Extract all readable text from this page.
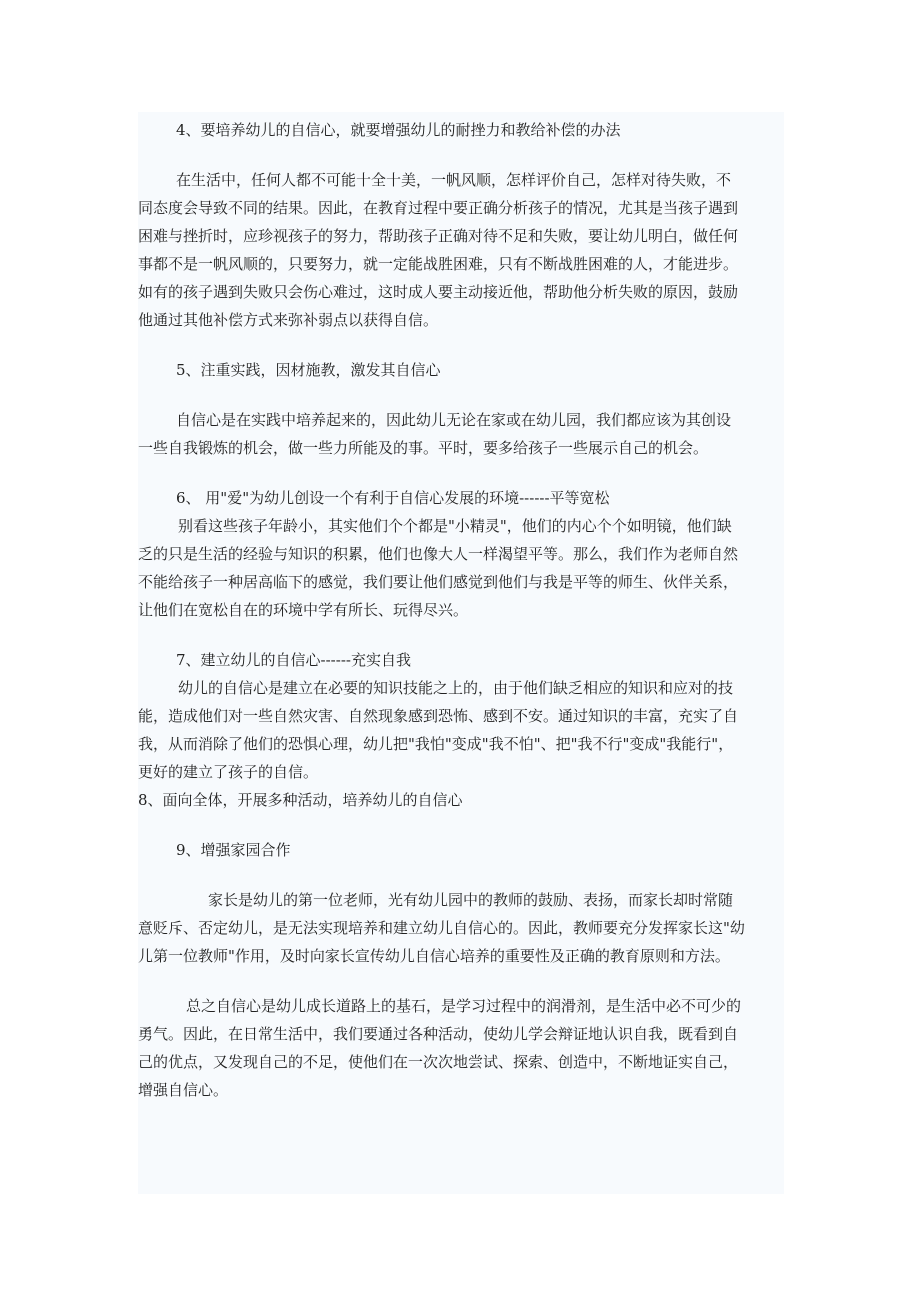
4、要培养幼儿的自信心，就要增强幼儿的耐挫力和教给补偿的办法

在生活中，任何人都不可能十全十美，一帆风顺，怎样评价自己，怎样对待失败，不

同态度会导致不同的结果。因此，在教育过程中要正确分析孩子的情况，尤其是当孩子遇到

困难与挫折时，应珍视孩子的努力，帮助孩子正确对待不足和失败，要让幼儿明白，做任何

事都不是一帆风顺的，只要努力，就一定能战胜困难，只有不断战胜困难的人，才能进步。

如有的孩子遇到失败只会伤心难过，这时成人要主动接近他，帮助他分析失败的原因，鼓励

他通过其他补偿方式来弥补弱点以获得自信。

5、注重实践，因材施教，激发其自信心

自信心是在实践中培养起来的，因此幼儿无论在家或在幼儿园，我们都应该为其创设

一些自我锻炼的机会，做一些力所能及的事。平时，要多给孩子一些展示自己的机会。

6、 用"爱"为幼儿创设一个有利于自信心发展的环境------平等宽松

别看这些孩子年龄小，其实他们个个都是"小精灵"，他们的内心个个如明镜，他们缺

乏的只是生活的经验与知识的积累，他们也像大人一样渴望平等。那么，我们作为老师自然

不能给孩子一种居高临下的感觉，我们要让他们感觉到他们与我是平等的师生、伙伴关系，

让他们在宽松自在的环境中学有所长、玩得尽兴。

7、建立幼儿的自信心------充实自我

幼儿的自信心是建立在必要的知识技能之上的，由于他们缺乏相应的知识和应对的技

能，造成他们对一些自然灾害、自然现象感到恐怖、感到不安。通过知识的丰富，充实了自

我，从而消除了他们的恐惧心理，幼儿把"我怕"变成"我不怕"、把"我不行"变成"我能行"，

更好的建立了孩子的自信。

8、面向全体，开展多种活动，培养幼儿的自信心

9、增强家园合作

家长是幼儿的第一位老师，光有幼儿园中的教师的鼓励、表扬，而家长却时常随

意贬斥、否定幼儿，是无法实现培养和建立幼儿自信心的。因此，教师要充分发挥家长这"幼

儿第一位教师"作用，及时向家长宣传幼儿自信心培养的重要性及正确的教育原则和方法。

总之自信心是幼儿成长道路上的基石，是学习过程中的润滑剂，是生活中必不可少的

勇气。因此，在日常生活中，我们要通过各种活动，使幼儿学会辩证地认识自我，既看到自

己的优点，又发现自己的不足，使他们在一次次地尝试、探索、创造中，不断地证实自己，

增强自信心。
